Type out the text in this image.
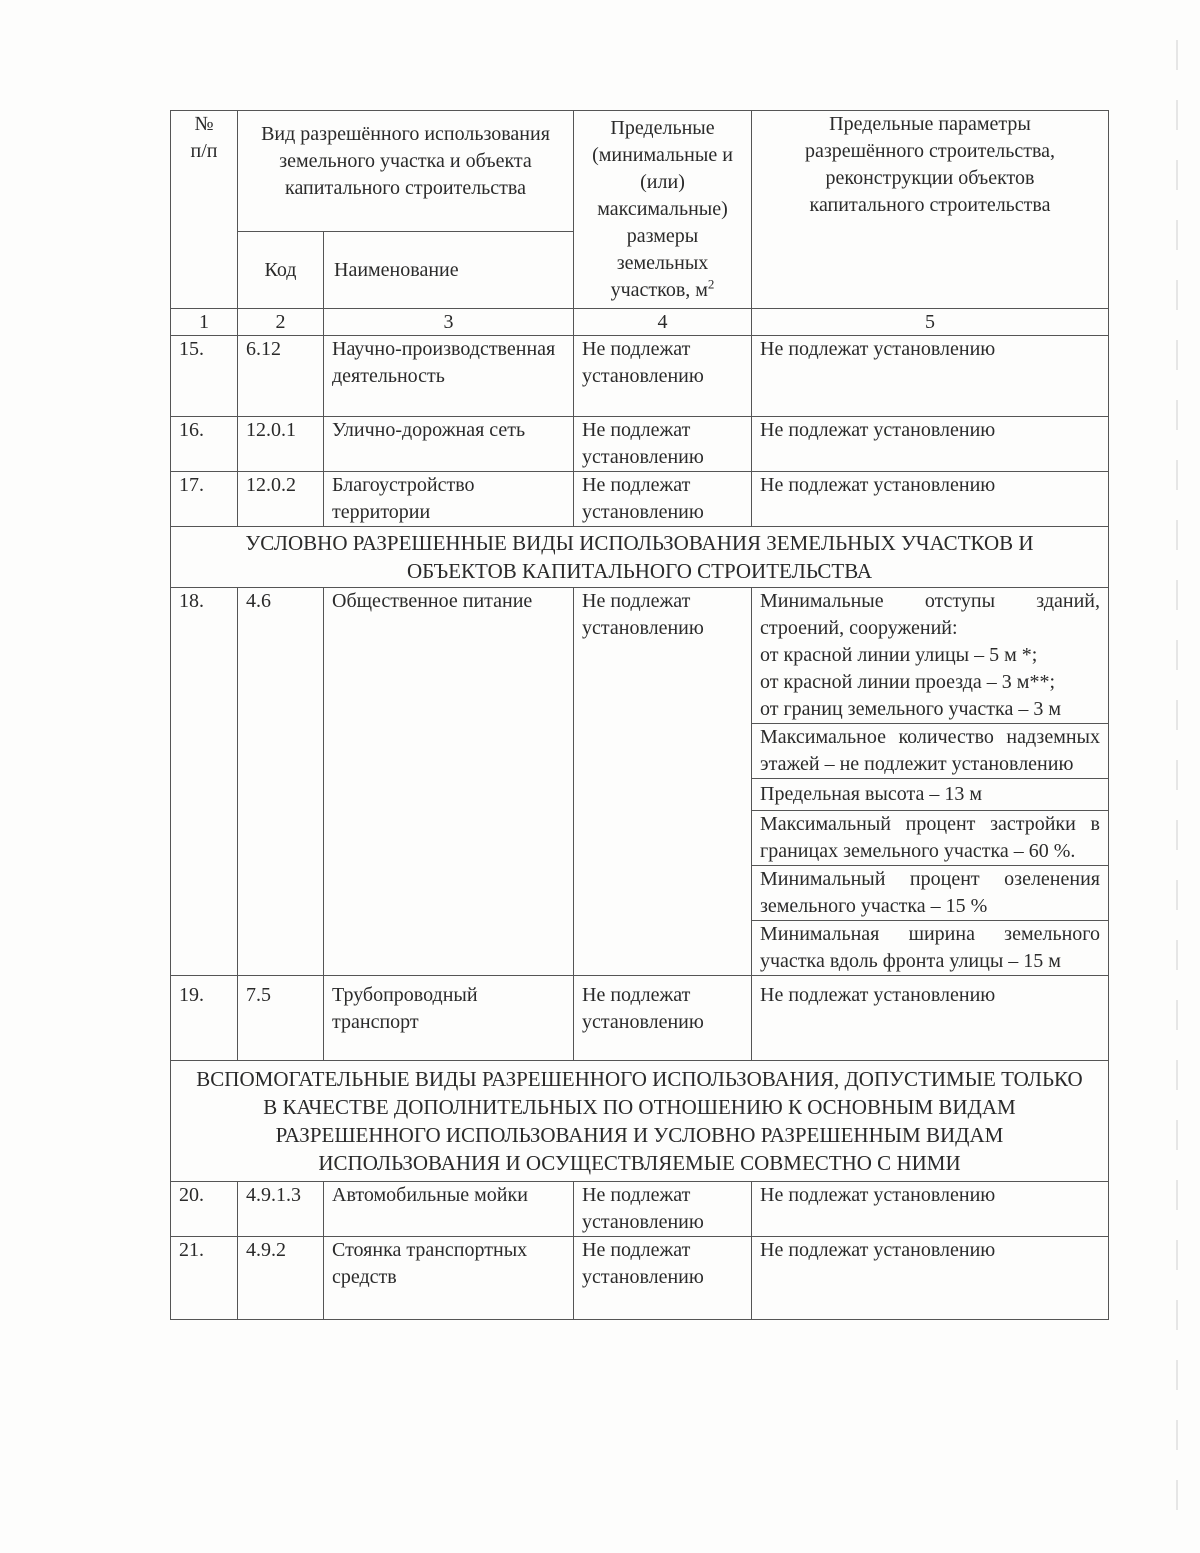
№
п/п	Вид разрешённого использования земельного участка и объекта капитального строительства		Предельные (минимальные и (или) максимальные) размеры земельных участков, $м^2$	Предельные параметры разрешённого строительства, реконструкции объектов капитального строительства
	Код	Наименование		
1	2	3	4	5
15.	6.12	Научно-производственная деятельность	Не подлежат установлению	Не подлежат установлению
16.	12.0.1	Улично-дорожная сеть	Не подлежат установлению	Не подлежат установлению
17.	12.0.2	Благоустройство территории	Не подлежат установлению	Не подлежат установлению
УСЛОВНО РАЗРЕШЕННЫЕ ВИДЫ ИСПОЛЬЗОВАНИЯ ЗЕМЕЛЬНЫХ УЧАСТКОВ И ОБЪЕКТОВ КАПИТАЛЬНОГО СТРОИТЕЛЬСТВА				
18.	4.6	Общественное питание	Не подлежат установлению	Минимальные отступы зданий, строений, сооружений:
от красной линии улицы – 5 м *;
от красной линии проезда – 3 м**;
от границ земельного участка – 3 м

				Максимальное количество надземных этажей – не подлежит установлению
				Предельная высота – 13 м
				Максимальный процент застройки в границах земельного участка – 60 %.
				Минимальный процент озеленения земельного участка – 15 %
				Минимальная ширина земельного участка вдоль фронта улицы – 15 м
19.	7.5	Трубопроводный транспорт	Не подлежат установлению	Не подлежат установлению
ВСПОМОГАТЕЛЬНЫЕ ВИДЫ РАЗРЕШЕННОГО ИСПОЛЬЗОВАНИЯ, ДОПУСТИМЫЕ ТОЛЬКО В КАЧЕСТВЕ ДОПОЛНИТЕЛЬНЫХ ПО ОТНОШЕНИЮ К ОСНОВНЫМ ВИДАМ РАЗРЕШЕННОГО ИСПОЛЬЗОВАНИЯ И УСЛОВНО РАЗРЕШЕННЫМ ВИДАМ ИСПОЛЬЗОВАНИЯ И ОСУЩЕСТВЛЯЕМЫЕ СОВМЕСТНО С НИМИ				
20.	4.9.1.3	Автомобильные мойки	Не подлежат установлению	Не подлежат установлению
21.	4.9.2	Стоянка транспортных средств	Не подлежат установлению	Не подлежат установлению
